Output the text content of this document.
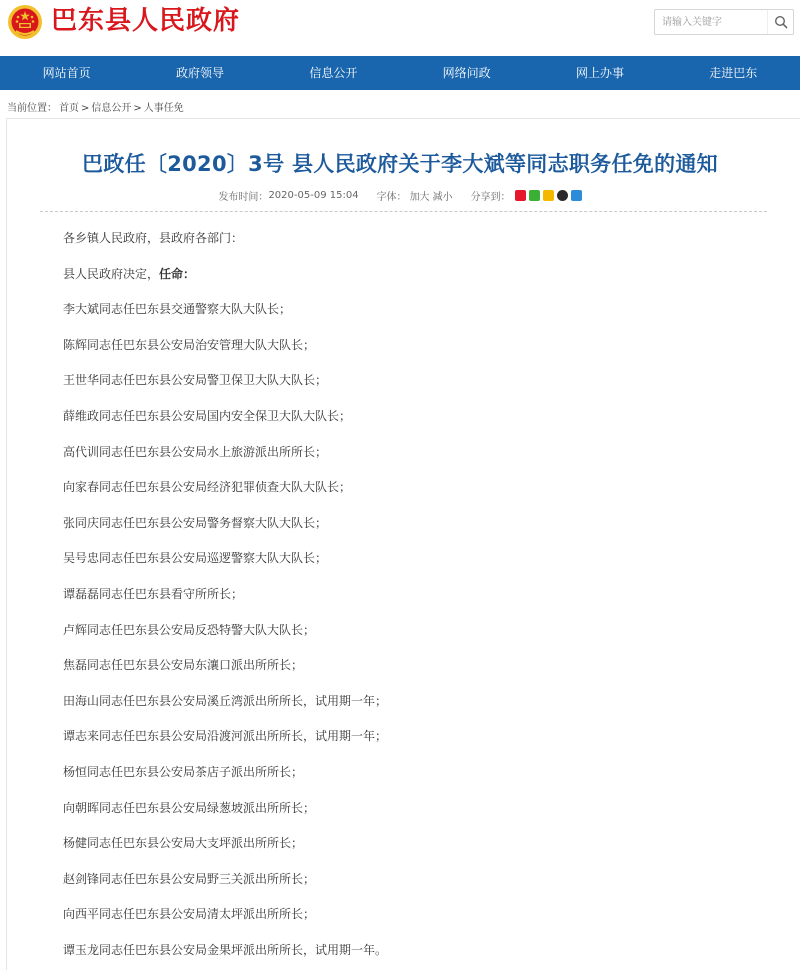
巴东县人民政府
请输入关键字
网站首页	政府领导	信息公开	网络问政	网上办事	走进巴东
当前位置： 首页 > 信息公开 > 人事任免
巴政任〔2020〕3号 县人民政府关于李大斌等同志职务任免的通知
发布时间： 2020-05-09 15:04 字体： 加大 减小 分享到：

各乡镇人民政府，县政府各部门：

县人民政府决定，任命：

李大斌同志任巴东县交通警察大队大队长；

陈辉同志任巴东县公安局治安管理大队大队长；

王世华同志任巴东县公安局警卫保卫大队大队长；

薛维政同志任巴东县公安局国内安全保卫大队大队长；

高代训同志任巴东县公安局水上旅游派出所所长；

向家春同志任巴东县公安局经济犯罪侦查大队大队长；

张同庆同志任巴东县公安局警务督察大队大队长；

吴号忠同志任巴东县公安局巡逻警察大队大队长；

谭磊磊同志任巴东县看守所所长；

卢辉同志任巴东县公安局反恐特警大队大队长；

焦磊同志任巴东县公安局东瀼口派出所所长；

田海山同志任巴东县公安局溪丘湾派出所所长，试用期一年；

谭志来同志任巴东县公安局沿渡河派出所所长，试用期一年；

杨恒同志任巴东县公安局茶店子派出所所长；

向朝晖同志任巴东县公安局绿葱坡派出所所长；

杨健同志任巴东县公安局大支坪派出所所长；

赵剑锋同志任巴东县公安局野三关派出所所长；

向西平同志任巴东县公安局清太坪派出所所长；

谭玉龙同志任巴东县公安局金果坪派出所所长，试用期一年。
